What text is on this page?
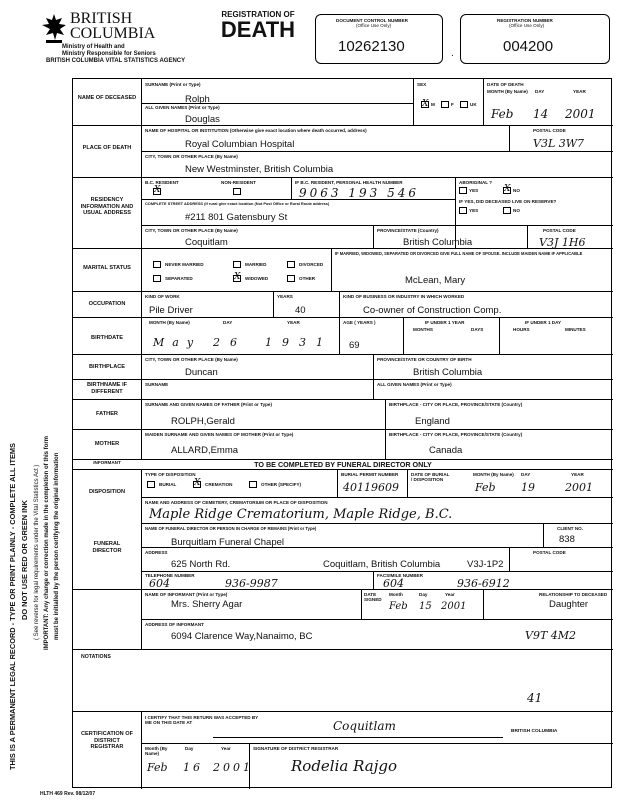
BRITISH
COLUMBIA
Ministry of Health and
Ministry Responsible for Seniors
BRITISH COLUMBIA VITAL STATISTICS AGENCY
REGISTRATION OF
DEATH	DOCUMENT CONTROL NUMBER
(Office Use Only)
10262130	.
REGISTRATION NUMBER
(Office Use Only)
004200
THIS IS A PERMANENT LEGAL RECORD - TYPE OR PRINT PLAINLY - COMPLETE ALL ITEMS DO NOT USE RED OR GREEN INK ( See reverse for legal requirements under the Vital Statistics Act ) IMPORTANT: Any change or correction made in the completion of this form must be initialled by the person certifying the original information
NAME OF DECEASED
SURNAME (Print or Type)
Rolph
ALL GIVEN NAMES (Print or Type)
Douglas
SEX
X M	F	UK
DATE OF DEATH
MONTH (By Name) DAY	YEAR
Feb 14 2001
PLACE OF DEATH
NAME OF HOSPITAL OR INSTITUTION (Otherwise give exact location where death occurred, address)
Royal Columbian Hospital
POSTAL CODE
V3L 3W7
CITY, TOWN OR OTHER PLACE (By Name)
New Westminster, British Columbia
RESIDENCY INFORMATION AND USUAL ADDRESS
B.C. RESIDENT
X
NON-RESIDENT	IF B.C. RESIDENT, PERSONAL HEALTH NUMBER
9063 193 546
ABORIGINAL ?
YES	X NO
IF YES, DID DECEASED LIVE ON RESERVE?
YES	NO
COMPLETE STREET ADDRESS (If rural give exact location (Not Post Office or Rural Route address)
#211 801 Gatensbury St
CITY, TOWN OR OTHER PLACE (By Name)
Coquitlam
PROVINCE/STATE (Country)
British Columbia
POSTAL CODE
V3J 1H6
MARITAL STATUS
NEVER MARRIED	MARRIED	DIVORCED
SEPARATED	X WIDOWED	OTHER
IF MARRIED, WIDOWED, SEPARATED OR DIVORCED GIVE FULL NAME OF SPOUSE. INCLUDE MAIDEN NAME IF APPLICABLE
McLean, Mary
OCCUPATION
KIND OF WORK
Pile Driver
YEARS
40
KIND OF BUSINESS OR INDUSTRY IN WHICH WORKED
Co-owner of Construction Comp.
BIRTHDATE
MONTH (By Name)	DAY	YEAR
May 26 1931
AGE ( YEARS )
69
IF UNDER 1 YEAR
MONTHS	DAYS
IF UNDER 1 DAY
HOURS	MINUTES
BIRTHPLACE
CITY, TOWN OR OTHER PLACE (By Name)
Duncan
PROVINCE/STATE OR COUNTRY OF BIRTH
British Columbia
BIRTHNAME IF DIFFERENT
SURNAME	ALL GIVEN NAMES (Print or Type)
FATHER
SURNAME AND GIVEN NAMES OF FATHER (Print or Type)
ROLPH,Gerald
BIRTHPLACE - CITY OR PLACE, PROVINCE/STATE (Country)
England
MOTHER
MAIDEN SURNAME AND GIVEN NAMES OF MOTHER (Print or Type)
ALLARD,Emma
BIRTHPLACE - CITY OR PLACE, PROVINCE/STATE (Country)
Canada
INFORMANT	TO BE COMPLETED BY FUNERAL DIRECTOR ONLY
DISPOSITION
TYPE OF DISPOSITION
BURIAL X CREMATION	OTHER (SPECIFY)
BURIAL PERMIT NUMBER
40119609
DATE OF BURIAL / DISPOSITION
MONTH (By Name) DAY	YEAR
Feb 19	2001
NAME AND ADDRESS OF CEMETERY, CREMATORIUM OR PLACE OF DISPOSITION
Maple Ridge Crematorium, Maple Ridge, B.C.
FUNERAL DIRECTOR
NAME OF FUNERAL DIRECTOR OR PERSON IN CHARGE OF REMAINS (Print or Type)
Burquitlam Funeral Chapel
CLIENT NO.
838
ADDRESS
625 North Rd.	Coquitlam, British Columbia	V3J-1P2
POSTAL CODE
TELEPHONE NUMBER
604	936-9987
FACSIMILE NUMBER
604	936-6912
NAME OF INFORMANT (Print or Type)
Mrs. Sherry Agar
DATE SIGNED
Month	Day	Year
Feb 15 2001
RELATIONSHIP TO DECEASED
Daughter
ADDRESS OF INFORMANT
6094 Clarence Way,Nanaimo, BC	V9T 4M2
NOTATIONS
41
CERTIFICATION OF DISTRICT REGISTRAR
I CERTIFY THAT THIS RETURN WAS ACCEPTED BY ME ON THIS DATE AT	Coquitlam	BRITISH COLUMBIA
Month (By Name)
Day	Year
Feb 16 2001
SIGNATURE OF DISTRICT REGISTRAR
Rodelia Rajgo
HLTH 469 Rev. 98/12/07
